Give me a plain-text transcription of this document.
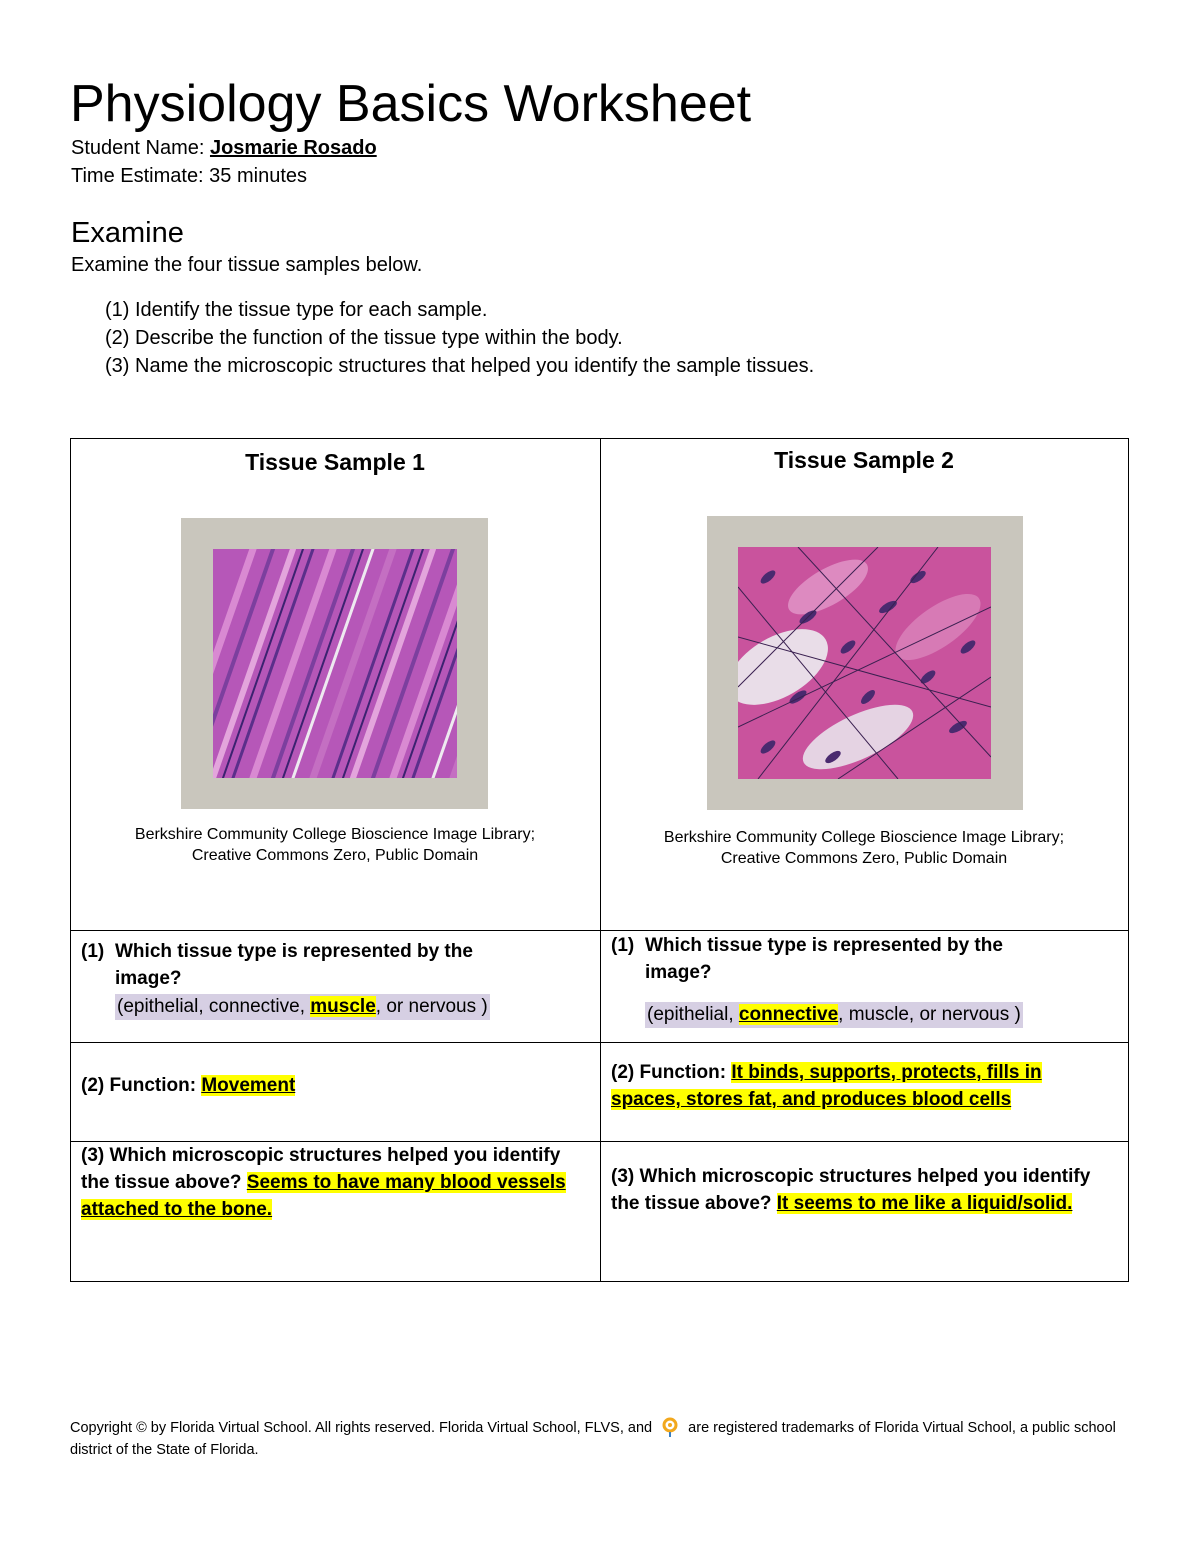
Physiology Basics Worksheet
Student Name: Josmarie Rosado
Time Estimate: 35 minutes
Examine
Examine the four tissue samples below.
(1) Identify the tissue type for each sample.
(2) Describe the function of the tissue type within the body.
(3) Name the microscopic structures that helped you identify the sample tissues.
Tissue Sample 1
Berkshire Community College Bioscience Image Library;
Creative Commons Zero, Public Domain
Tissue Sample 2
Berkshire Community College Bioscience Image Library;
Creative Commons Zero, Public Domain
(1) Which tissue type is represented by the
image?
(epithelial, connective, muscle, or nervous )
(1) Which tissue type is represented by the
image?
(epithelial, connective, muscle, or nervous )
(2) Function: Movement
(2) Function: It binds, supports, protects, fills in spaces, stores fat, and produces blood cells
(3) Which microscopic structures helped you identify the tissue above? Seems to have many blood vessels attached to the bone.
(3) Which microscopic structures helped you identify the tissue above? It seems to me like a liquid/solid.
Copyright © by Florida Virtual School. All rights reserved. Florida Virtual School, FLVS, and are registered trademarks of Florida Virtual School, a public school district of the State of Florida.
